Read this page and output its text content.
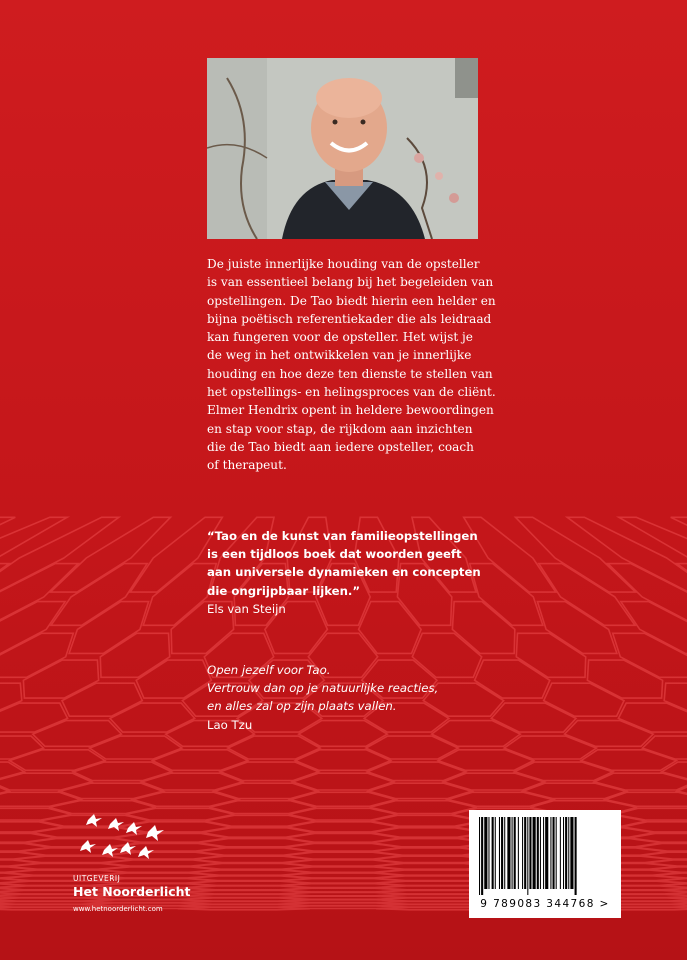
De juiste innerlijke houding van de opsteller
is van essentieel belang bij het begeleiden van
opstellingen. De Tao biedt hierin een helder en
bijna poëtisch referentiekader die als leidraad
kan fungeren voor de opsteller. Het wijst je
de weg in het ontwikkelen van je innerlijke
houding en hoe deze ten dienste te stellen van
het opstellings- en helingsproces van de cliënt.
Elmer Hendrix opent in heldere bewoordingen
en stap voor stap, de rijkdom aan inzichten
die de Tao biedt aan iedere opsteller, coach
of therapeut.

“Tao en de kunst van familieopstellingen
is een tijdloos boek dat woorden geeft
aan universele dynamieken en concepten
die ongrijpbaar lijken.”
Els van Steijn

Open jezelf voor Tao.
Vertrouw dan op je natuurlijke reacties,
en alles zal op zijn plaats vallen.
Lao Tzu

UITGEVERIJ
Het Noorderlicht
www.hetnoorderlicht.com	9 789083 344768 >
